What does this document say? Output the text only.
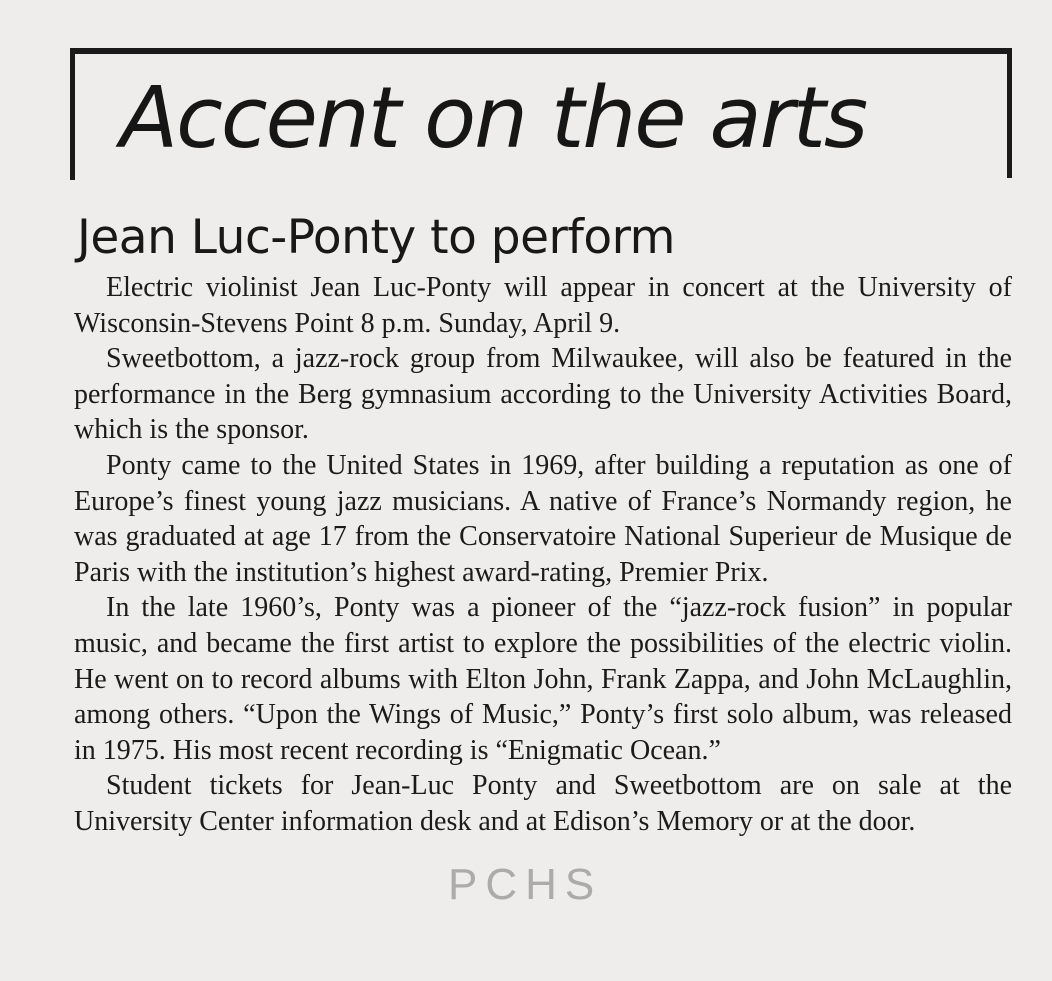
Accent on the arts
Jean Luc-Ponty to perform

Electric violinist Jean Luc-Ponty will appear in concert at the University of Wisconsin-Stevens Point 8 p.m. Sunday, April 9.

Sweetbottom, a jazz-rock group from Milwaukee, will also be featured in the performance in the Berg gymnasium according to the University Activities Board, which is the sponsor.

Ponty came to the United States in 1969, after building a reputation as one of Europe’s finest young jazz musicians. A native of France’s Normandy region, he was graduated at age 17 from the Conservatoire National Superieur de Musique de Paris with the institution’s highest award-rating, Premier Prix.

In the late 1960’s, Ponty was a pioneer of the “jazz-rock fusion” in popular music, and became the first artist to explore the possibilities of the electric violin. He went on to record albums with Elton John, Frank Zappa, and John McLaughlin, among others. “Upon the Wings of Music,” Ponty’s first solo album, was released in 1975. His most recent recording is “Enigmatic Ocean.”

Student tickets for Jean-Luc Ponty and Sweetbottom are on sale at the University Center information desk and at Edison’s Memory or at the door.

PCHS
